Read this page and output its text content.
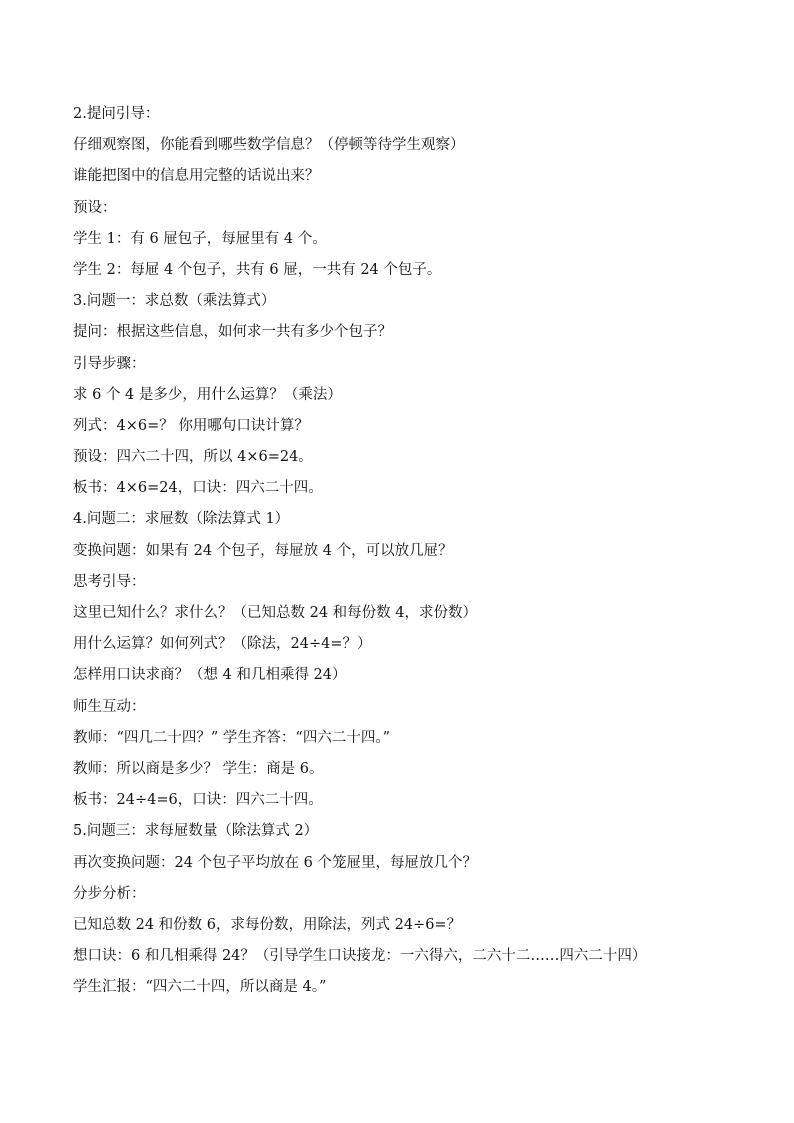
2.提问引导：
仔细观察图，你能看到哪些数学信息？（停顿等待学生观察）
谁能把图中的信息用完整的话说出来？
预设：
学生 1：有 6 屉包子，每屉里有 4 个。
学生 2：每屉 4 个包子，共有 6 屉，一共有 24 个包子。
3.问题一：求总数（乘法算式）
提问：根据这些信息，如何求一共有多少个包子？
引导步骤：
求 6 个 4 是多少，用什么运算？（乘法）
列式：4×6=？ 你用哪句口诀计算？
预设：四六二十四，所以 4×6=24。
板书：4×6=24，口诀：四六二十四。
4.问题二：求屉数（除法算式 1）
变换问题：如果有 24 个包子，每屉放 4 个，可以放几屉？
思考引导：
这里已知什么？求什么？（已知总数 24 和每份数 4，求份数）
用什么运算？如何列式？（除法，24÷4=？）
怎样用口诀求商？（想 4 和几相乘得 24）
师生互动：
教师：“四几二十四？” 学生齐答：“四六二十四。”
教师：所以商是多少？ 学生：商是 6。
板书：24÷4=6，口诀：四六二十四。
5.问题三：求每屉数量（除法算式 2）
再次变换问题：24 个包子平均放在 6 个笼屉里，每屉放几个？
分步分析：
已知总数 24 和份数 6，求每份数，用除法，列式 24÷6=？
想口诀：6 和几相乘得 24？（引导学生口诀接龙：一六得六，二六十二……四六二十四）
学生汇报：“四六二十四，所以商是 4。”
